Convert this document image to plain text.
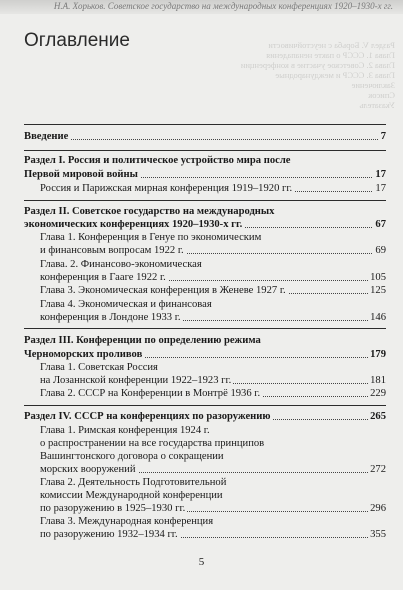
Н.А. Хорьков. Советское государство на международных конференциях 1920–1930-х гг.
Раздел V. Борьба с неустойчивости
Глава 1. СССР о пакте ненападения
Глава 2. Советское участие в конференции
Глава 3. СССР и международные
Заключение
Список
Указатель
Оглавление
Введение	7
Раздел I. Россия и политическое устройство мира после
Первой мировой войны	17
Россия и Парижская мирная конференция 1919–1920 гг.	17
Раздел II. Советское государство на международных
экономических конференциях 1920–1930-х гг.	67
Глава 1. Конференция в Генуе по экономическим
и финансовым вопросам 1922 г.	69
Глава. 2. Финансово-экономическая
конференция в Гааге 1922 г.	105
Глава 3. Экономическая конференция в Женеве 1927 г.	125
Глава 4. Экономическая и финансовая
конференция в Лондоне 1933 г.	146
Раздел III. Конференции по определению режима
Черноморских проливов	179
Глава 1. Советская Россия
на Лозаннской конференции 1922–1923 гг.	181
Глава 2. СССР на Конференции в Монтрё 1936 г.	229
Раздел IV. СССР на конференциях по разоружению	265
Глава 1. Римская конференция 1924 г.
о распространении на все государства принципов
Вашингтонского договора о сокращении
морских вооружений	272
Глава 2. Деятельность Подготовительной
комиссии Международной конференции
по разоружению в 1925–1930 гг.	296
Глава 3. Международная конференция
по разоружению 1932–1934 гг.	355
5
